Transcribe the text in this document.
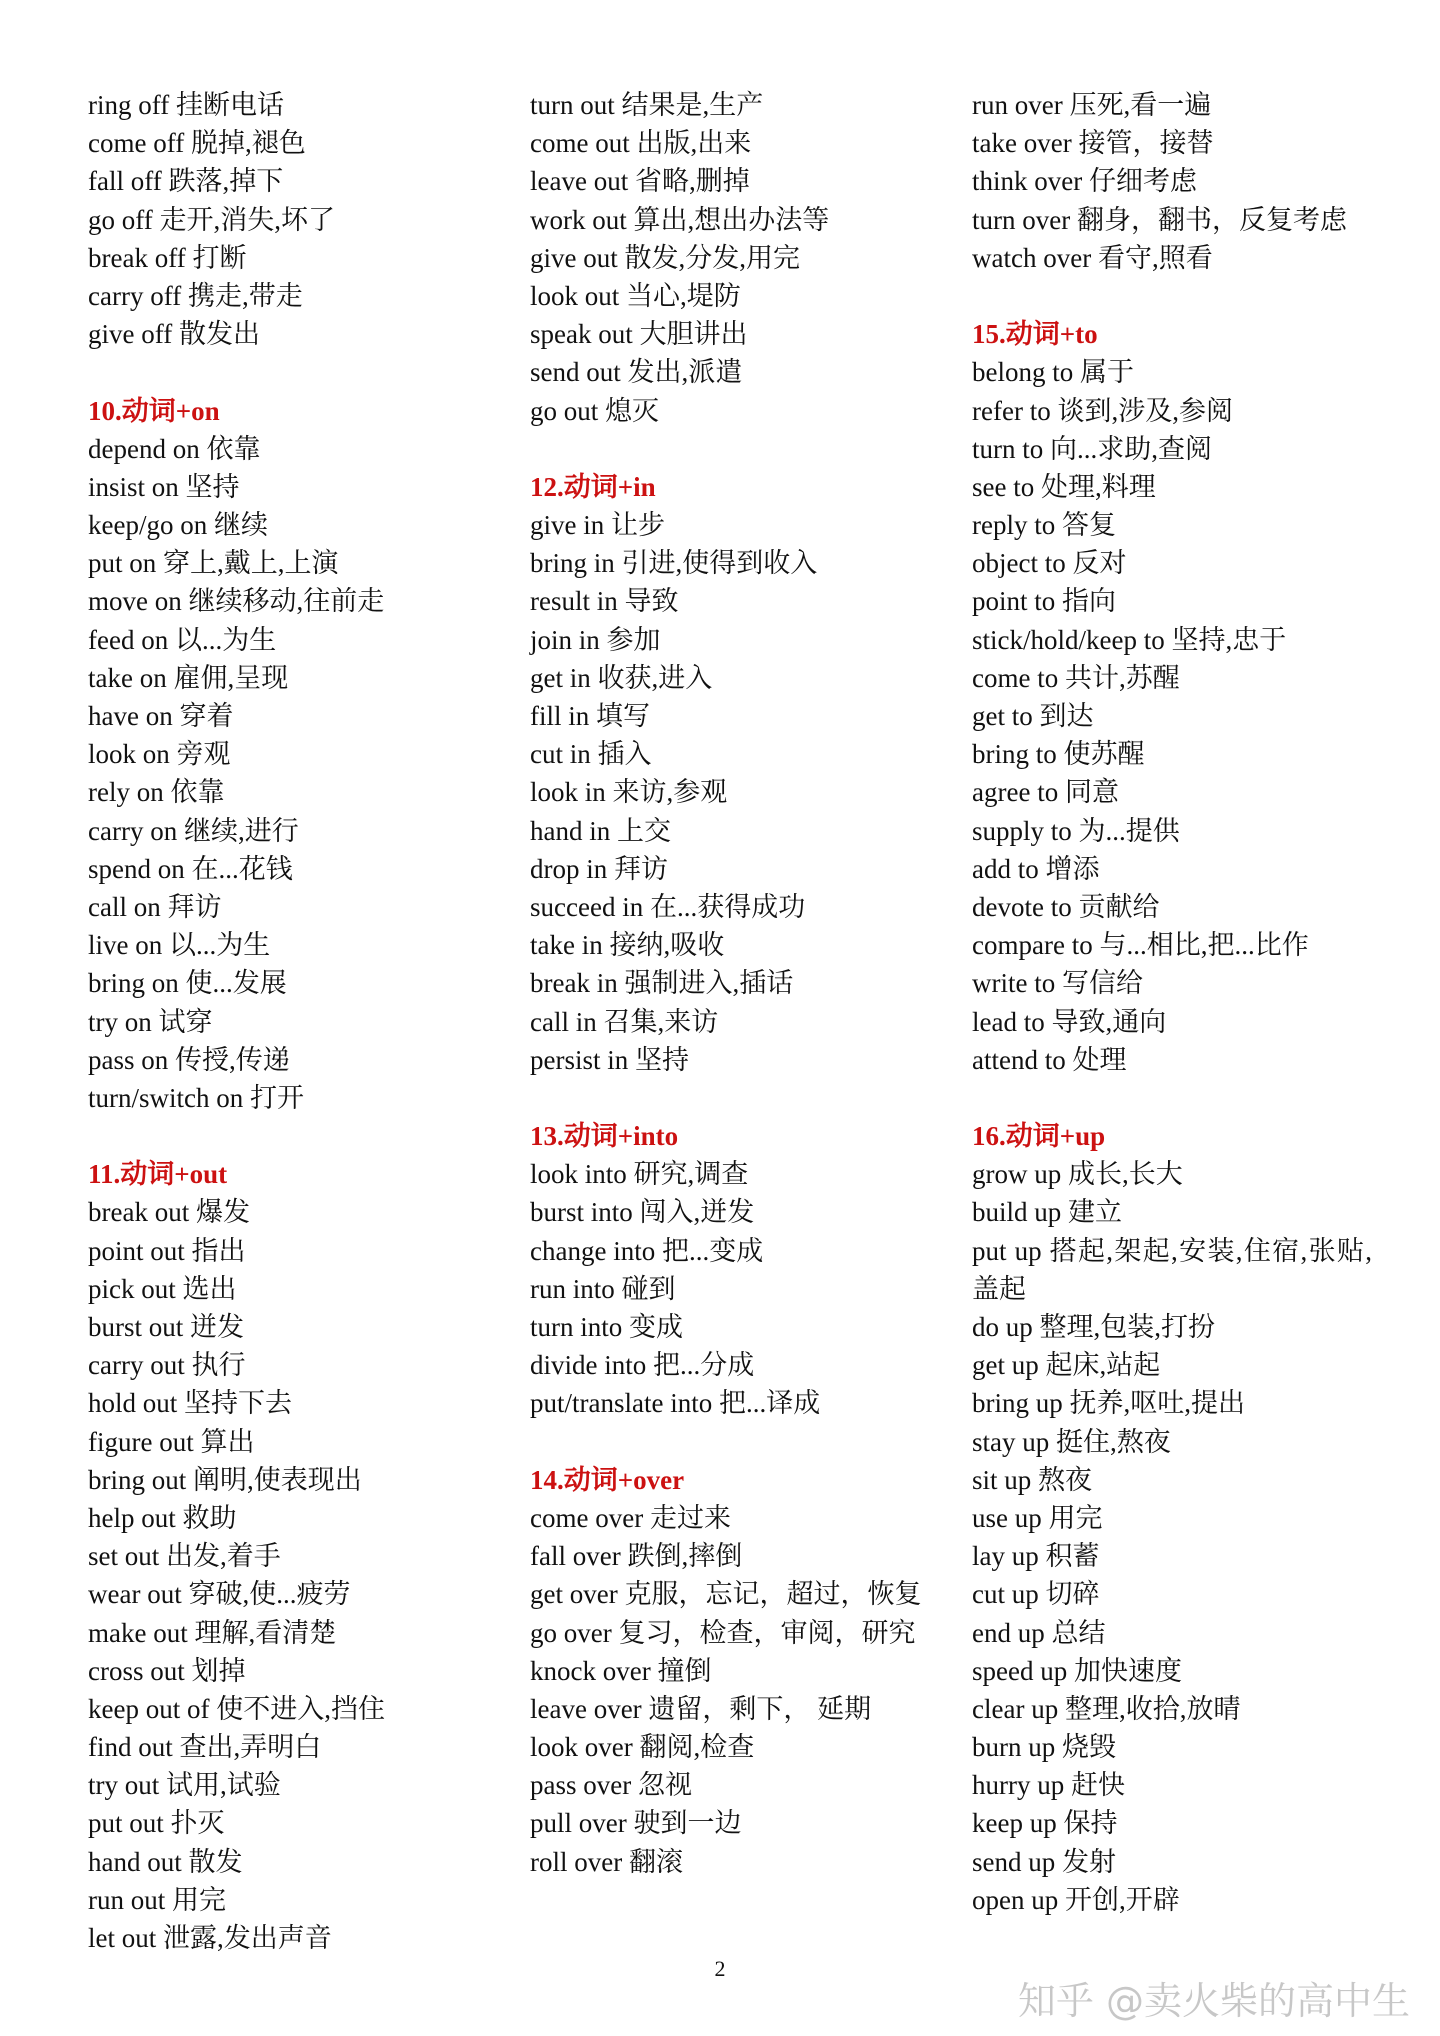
ring off 挂断电话
come off 脱掉,褪色
fall off 跌落,掉下
go off 走开,消失,坏了
break off 打断
carry off 携走,带走
give off 散发出
10.动词+on
depend on 依靠
insist on 坚持
keep/go on 继续
put on 穿上,戴上,上演
move on 继续移动,往前走
feed on 以...为生
take on 雇佣,呈现
have on 穿着
look on 旁观
rely on 依靠
carry on 继续,进行
spend on 在...花钱
call on 拜访
live on 以...为生
bring on 使...发展
try on 试穿
pass on 传授,传递
turn/switch on 打开
11.动词+out
break out 爆发
point out 指出
pick out 选出
burst out 迸发
carry out 执行
hold out 坚持下去
figure out 算出
bring out 阐明,使表现出
help out 救助
set out 出发,着手
wear out 穿破,使...疲劳
make out 理解,看清楚
cross out 划掉
keep out of 使不进入,挡住
find out 查出,弄明白
try out 试用,试验
put out 扑灭
hand out 散发
run out 用完
let out 泄露,发出声音
turn out 结果是,生产
come out 出版,出来
leave out 省略,删掉
work out 算出,想出办法等
give out 散发,分发,用完
look out 当心,堤防
speak out 大胆讲出
send out 发出,派遣
go out 熄灭
12.动词+in
give in 让步
bring in 引进,使得到收入
result in 导致
join in 参加
get in 收获,进入
fill in 填写
cut in 插入
look in 来访,参观
hand in 上交
drop in 拜访
succeed in 在...获得成功
take in 接纳,吸收
break in 强制进入,插话
call in 召集,来访
persist in 坚持
13.动词+into
look into 研究,调查
burst into 闯入,迸发
change into 把...变成
run into 碰到
turn into 变成
divide into 把...分成
put/translate into 把...译成
14.动词+over
come over 走过来
fall over 跌倒,摔倒
get over 克服，忘记，超过，恢复
go over 复习，检查，审阅，研究
knock over 撞倒
leave over 遗留，剩下， 延期
look over 翻阅,检查
pass over 忽视
pull over 驶到一边
roll over 翻滚
run over 压死,看一遍
take over 接管，接替
think over 仔细考虑
turn over 翻身，翻书，反复考虑
watch over 看守,照看
15.动词+to
belong to 属于
refer to 谈到,涉及,参阅
turn to 向...求助,查阅
see to 处理,料理
reply to 答复
object to 反对
point to 指向
stick/hold/keep to 坚持,忠于
come to 共计,苏醒
get to 到达
bring to 使苏醒
agree to 同意
supply to 为...提供
add to 增添
devote to 贡献给
compare to 与...相比,把...比作
write to 写信给
lead to 导致,通向
attend to 处理
16.动词+up
grow up 成长,长大
build up 建立
put up 搭起,架起,安装,住宿,张贴,盖起
do up 整理,包装,打扮
get up 起床,站起
bring up 抚养,呕吐,提出
stay up 挺住,熬夜
sit up 熬夜
use up 用完
lay up 积蓄
cut up 切碎
end up 总结
speed up 加快速度
clear up 整理,收拾,放晴
burn up 烧毁
hurry up 赶快
keep up 保持
send up 发射
open up 开创,开辟
2
知乎 @卖火柴的高中生
